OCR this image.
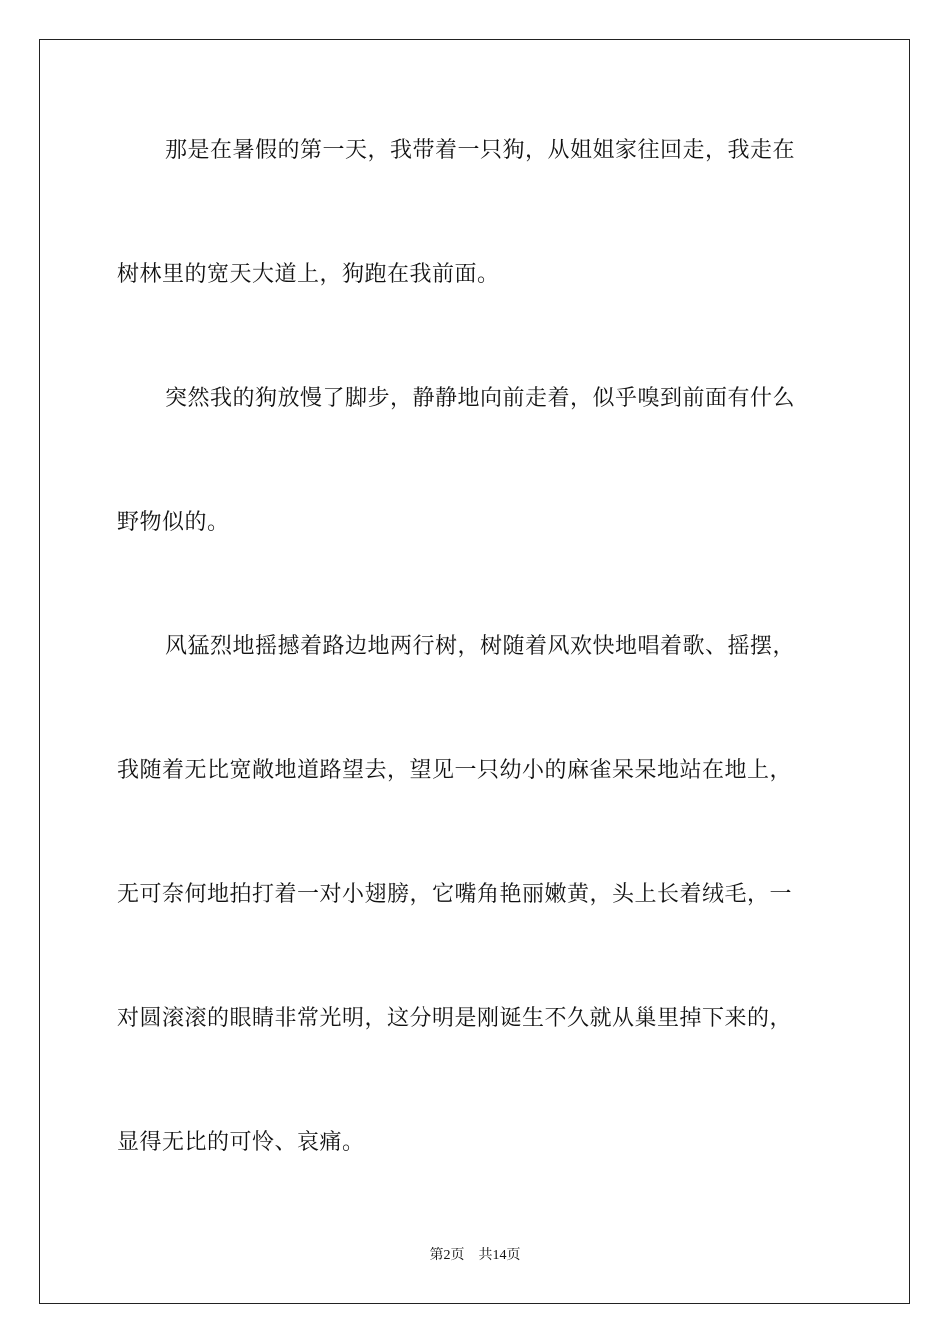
那是在暑假的第一天，我带着一只狗，从姐姐家往回走，我走在
树林里的宽天大道上，狗跑在我前面。
突然我的狗放慢了脚步，静静地向前走着，似乎嗅到前面有什么
野物似的。
风猛烈地摇撼着路边地两行树，树随着风欢快地唱着歌、摇摆，
我随着无比宽敞地道路望去，望见一只幼小的麻雀呆呆地站在地上，
无可奈何地拍打着一对小翅膀，它嘴角艳丽嫩黄，头上长着绒毛，一
对圆滚滚的眼睛非常光明，这分明是刚诞生不久就从巢里掉下来的，
显得无比的可怜、哀痛。
第2页 共14页
